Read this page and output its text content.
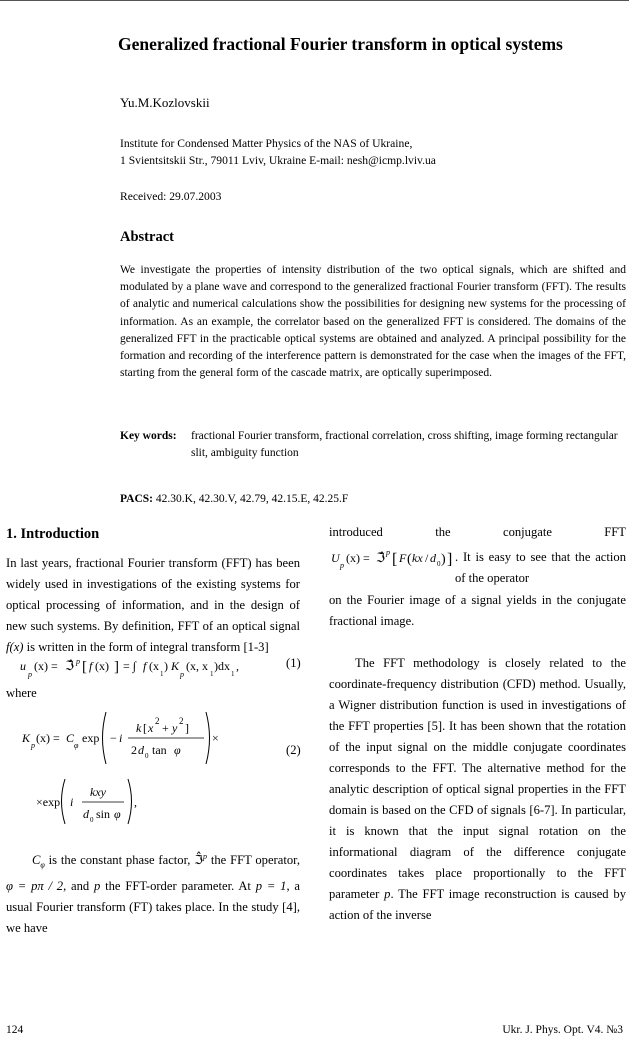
Generalized fractional Fourier transform in optical systems
Yu.M.Kozlovskii
Institute for Condensed Matter Physics of the NAS of Ukraine,
1 Svientsitskii Str., 79011 Lviv, Ukraine E-mail: nesh@icmp.lviv.ua
Received: 29.07.2003
Abstract
We investigate the properties of intensity distribution of the two optical signals, which are shifted and modulated by a plane wave and correspond to the generalized fractional Fourier transform (FFT). The results of analytic and numerical calculations show the possibilities for designing new systems for the processing of information. As an example, the correlator based on the generalized FFT is considered. The domains of the generalized FFT in the practicable optical systems are obtained and analyzed. A principal possibility for the formation and recording of the interference pattern is demonstrated for the case when the images of the FFT, starting from the general form of the cascade matrix, are optically superimposed.
Key words: fractional Fourier transform, fractional correlation, cross shifting, image forming rectangular slit, ambiguity function
PACS: 42.30.K, 42.30.V, 42.79, 42.15.E, 42.25.F
1. Introduction
In last years, fractional Fourier transform (FFT) has been widely used in investigations of the existing systems for optical processing of information, and in the design of new such systems. By definition, FFT of an optical signal f(x) is written in the form of integral transform [1-3]
u
p
(x) = ℑ̂ p [ f (x) ] = ∫ f (x
1
) K
p
(x, x
1
)dx
1
,	(1)
where
K
p
(x) = C
φ
exp − i
k [ x 2 + y 2 ]
2 d 0 tan φ
×
×exp i
kxy
d 0 sin φ
,
(2)
$C_\varphi$ is the constant phase factor, ℑ̂$^p$ the FFT operator, φ = pπ / 2, and p the FFT-order parameter. At p = 1, a usual Fourier transform (FT) takes place. In the study [4], we have
introduced the conjugate FFT
U
p
(x) = ℑ̂ p [ F ( kx / d 0 ) ] . It is easy to see that the action of the operator
on the Fourier image of a signal yields in the conjugate fractional image.
The FFT methodology is closely related to the coordinate-frequency distribution (CFD) method. Usually, a Wigner distribution function is used in investigations of the FFT properties [5]. It has been shown that the rotation of the input signal on the middle conjugate coordinates corresponds to the FFT. The alternative method for the analytic description of optical signal properties in the FFT domain is based on the CFD of signals [6-7]. In particular, it is known that the input signal rotation on the informational diagram of the difference conjugate coordinates takes place proportionally to the FFT parameter p. The FFT image reconstruction is caused by action of the inverse
124	Ukr. J. Phys. Opt. V4. №3
